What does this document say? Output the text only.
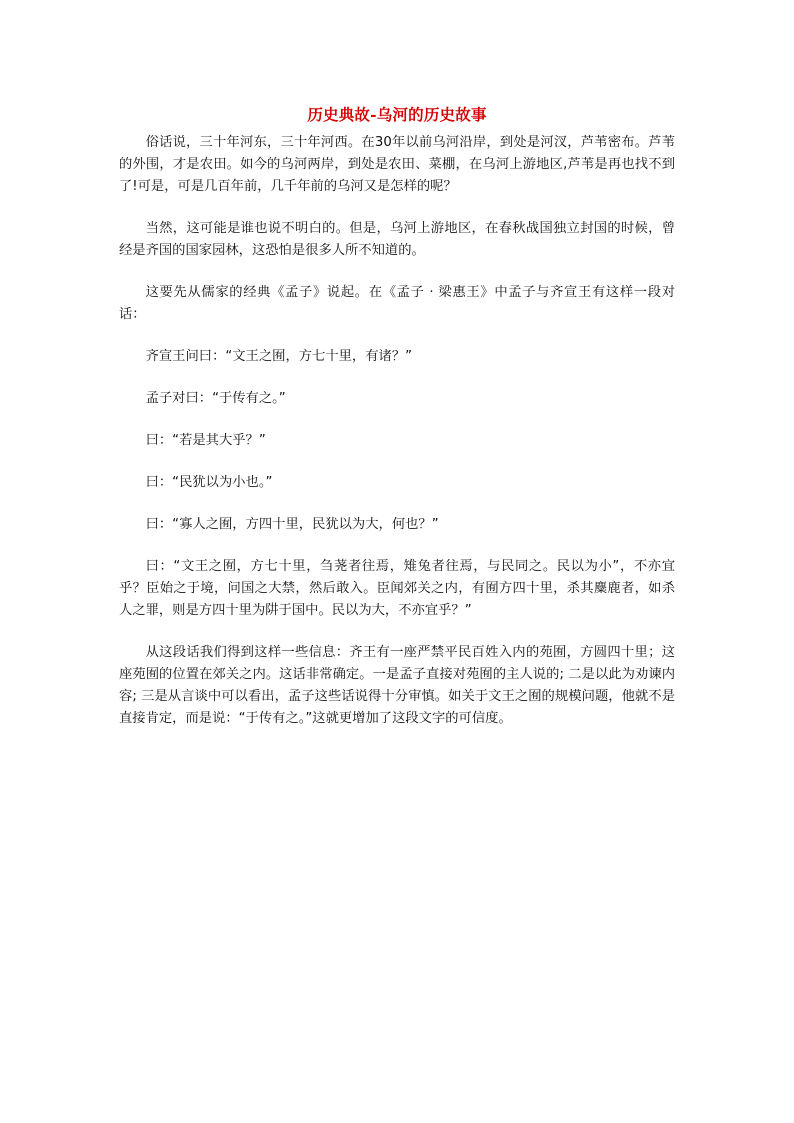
历史典故-乌河的历史故事

俗话说，三十年河东，三十年河西。在30年以前乌河沿岸，到处是河汊，芦苇密布。芦苇的外围，才是农田。如今的乌河两岸，到处是农田、菜棚，在乌河上游地区,芦苇是再也找不到了!可是，可是几百年前，几千年前的乌河又是怎样的呢？

当然，这可能是谁也说不明白的。但是，乌河上游地区，在春秋战国独立封国的时候，曾经是齐国的国家园林，这恐怕是很多人所不知道的。

这要先从儒家的经典《孟子》说起。在《孟子 · 梁惠王》中孟子与齐宣王有这样一段对话：

齐宣王问曰：“文王之囿，方七十里，有诸？”

孟子对曰：“于传有之。”

曰：“若是其大乎？”

曰：“民犹以为小也。”

曰：“寡人之囿，方四十里，民犹以为大，何也？”

曰：“文王之囿，方七十里，刍荛者往焉，雉兔者往焉，与民同之。民以为小”，不亦宜乎？臣始之于境，问国之大禁，然后敢入。臣闻郊关之内，有囿方四十里，杀其麋鹿者，如杀人之罪，则是方四十里为阱于国中。民以为大，不亦宜乎？”

从这段话我们得到这样一些信息：齐王有一座严禁平民百姓入内的苑囿，方圆四十里；这座苑囿的位置在郊关之内。这话非常确定。一是孟子直接对苑囿的主人说的; 二是以此为劝谏内容; 三是从言谈中可以看出，孟子这些话说得十分审慎。如关于文王之囿的规模问题，他就不是直接肯定，而是说：“于传有之。”这就更增加了这段文字的可信度。
